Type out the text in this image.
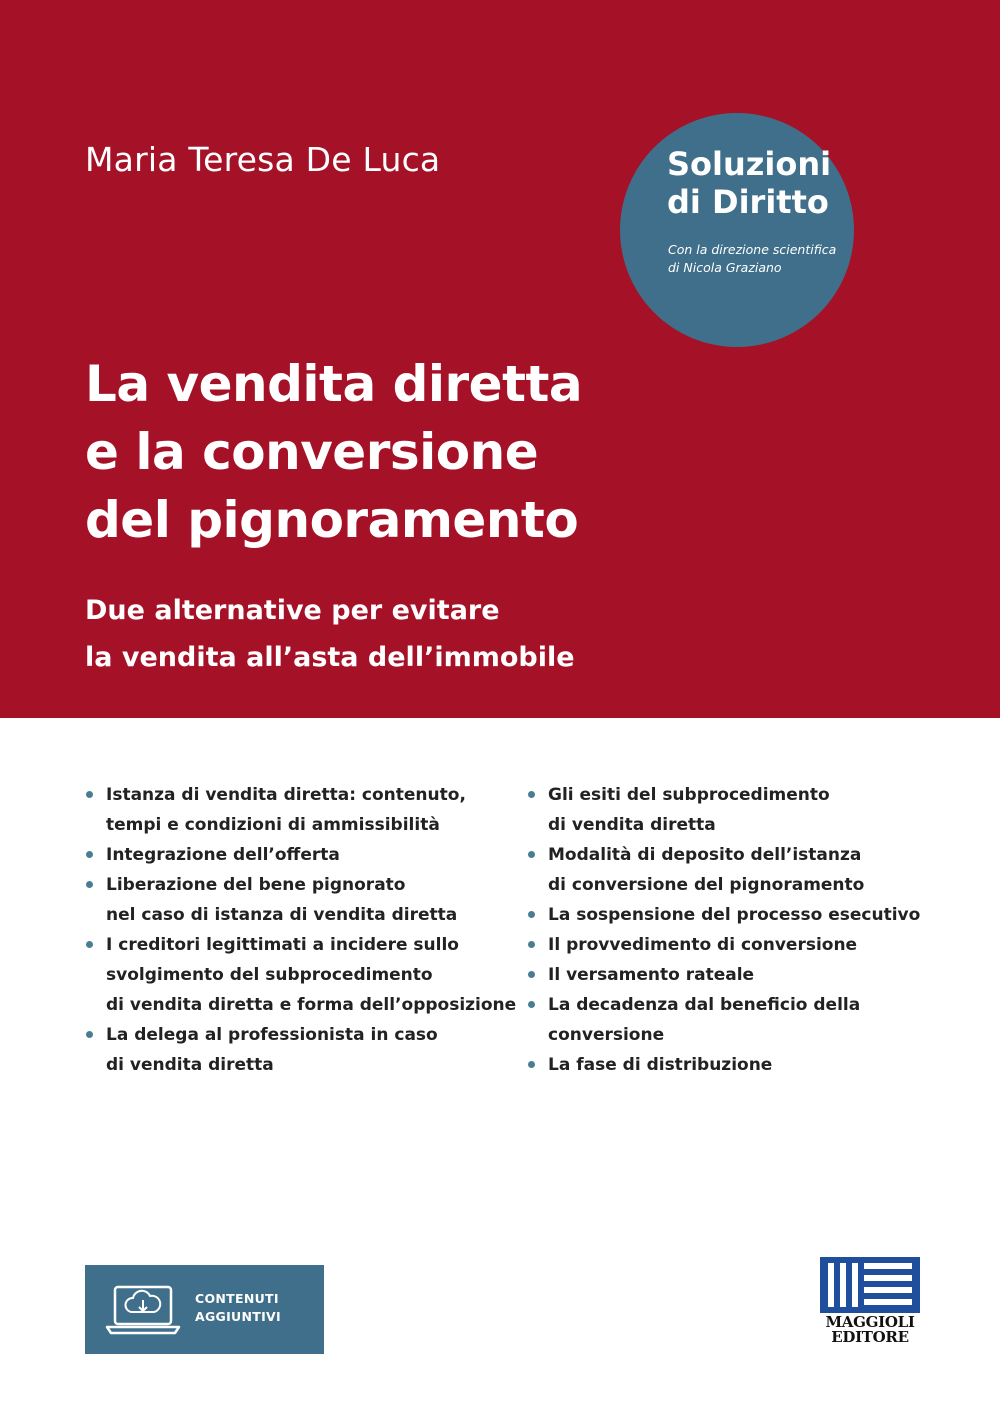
Maria Teresa De Luca	Soluzioni
di Diritto
Con la direzione scientifica
di Nicola Graziano
La vendita diretta
e la conversione
del pignoramento
Due alternative per evitare
la vendita all’asta dell’immobile
Istanza di vendita diretta: contenuto,
tempi e condizioni di ammissibilità
Integrazione dell’offerta
Liberazione del bene pignorato
nel caso di istanza di vendita diretta
I creditori legittimati a incidere sullo
svolgimento del subprocedimento
di vendita diretta e forma dell’opposizione
La delega al professionista in caso
di vendita diretta
Gli esiti del subprocedimento
di vendita diretta
Modalità di deposito dell’istanza
di conversione del pignoramento
La sospensione del processo esecutivo
Il provvedimento di conversione
Il versamento rateale
La decadenza dal beneficio della
conversione
La fase di distribuzione
CONTENUTI
AGGIUNTIVI	MAGGIOLI
EDITORE
